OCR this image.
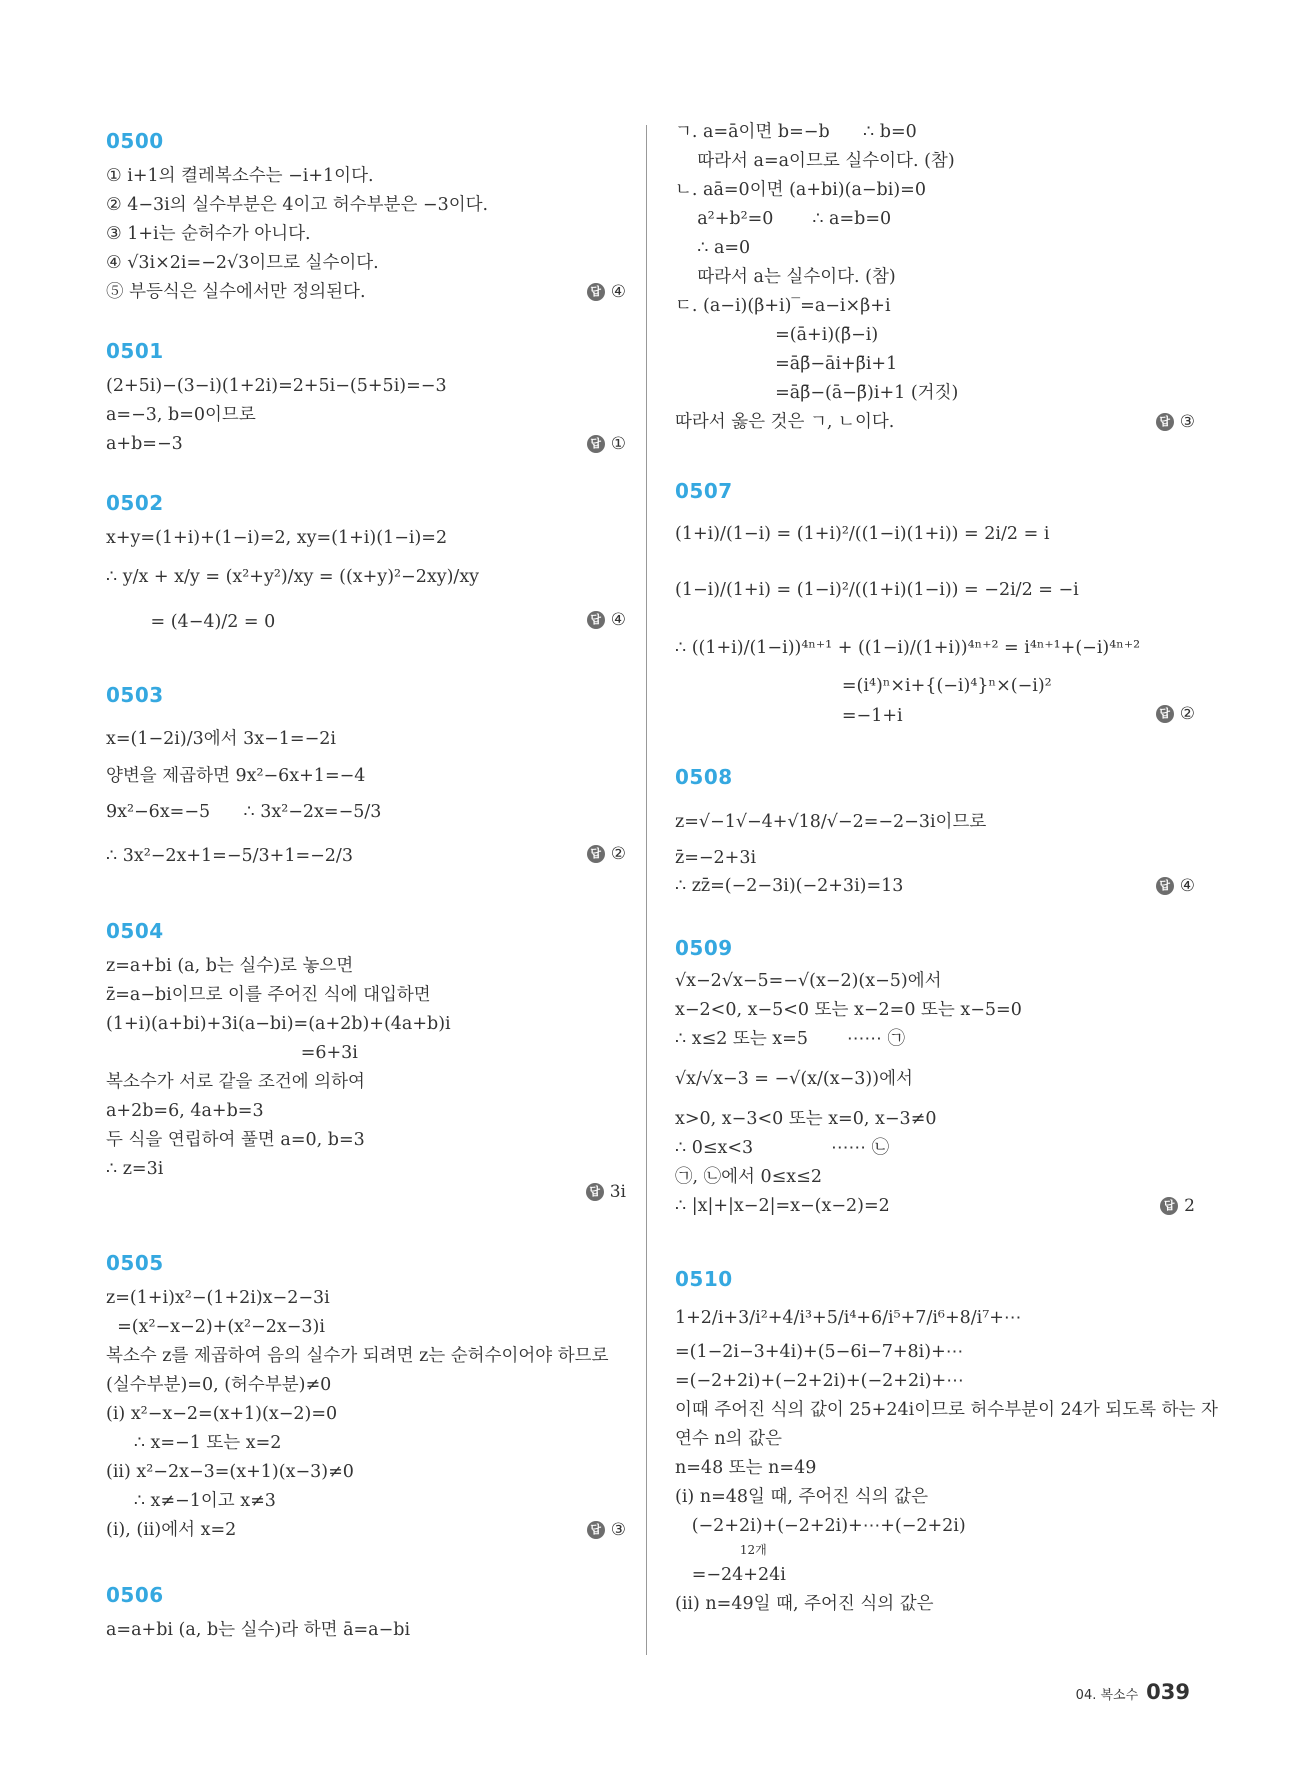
0500
① i+1의 켤레복소수는 −i+1이다.
② 4−3i의 실수부분은 4이고 허수부분은 −3이다.
③ 1+i는 순허수가 아니다.
④ √3i×2i=−2√3이므로 실수이다.
⑤ 부등식은 실수에서만 정의된다.	답 ④
0501
(2+5i)−(3−i)(1+2i)=2+5i−(5+5i)=−3
a=−3, b=0이므로
a+b=−3	답 ①
0502
x+y=(1+i)+(1−i)=2, xy=(1+i)(1−i)=2
∴ y/x + x/y = (x²+y²)/xy = ((x+y)²−2xy)/xy
= (4−4)/2 = 0	답 ④
0503
x=(1−2i)/3에서 3x−1=−2i
양변을 제곱하면 9x²−6x+1=−4
9x²−6x=−5      ∴ 3x²−2x=−5/3
∴ 3x²−2x+1=−5/3+1=−2/3	답 ②
0504
z=a+bi (a, b는 실수)로 놓으면
z̄=a−bi이므로 이를 주어진 식에 대입하면
(1+i)(a+bi)+3i(a−bi)=(a+2b)+(4a+b)i
=6+3i
복소수가 서로 같을 조건에 의하여
a+2b=6, 4a+b=3
두 식을 연립하여 풀면 a=0, b=3
∴ z=3i
답 3i
0505
z=(1+i)x²−(1+2i)x−2−3i
=(x²−x−2)+(x²−2x−3)i
복소수 z를 제곱하여 음의 실수가 되려면 z는 순허수이어야 하므로
(실수부분)=0, (허수부분)≠0
(i) x²−x−2=(x+1)(x−2)=0
∴ x=−1 또는 x=2
(ii) x²−2x−3=(x+1)(x−3)≠0
∴ x≠−1이고 x≠3
(i), (ii)에서 x=2	답 ③
0506
a=a+bi (a, b는 실수)라 하면 ā=a−bi
ㄱ. a=ā이면 b=−b      ∴ b=0
따라서 a=a이므로 실수이다. (참)
ㄴ. aā=0이면 (a+bi)(a−bi)=0
a²+b²=0       ∴ a=b=0
∴ a=0
따라서 a는 실수이다. (참)
ㄷ. (a−i)(β+i)‾=a−i×β+i
=(ā+i)(β̄−i)
=āβ̄−āi+β̄i+1
=āβ̄−(ā−β̄)i+1 (거짓)
따라서 옳은 것은 ㄱ, ㄴ이다.	답 ③
0507
(1+i)/(1−i) = (1+i)²/((1−i)(1+i)) = 2i/2 = i
(1−i)/(1+i) = (1−i)²/((1+i)(1−i)) = −2i/2 = −i
∴ ((1+i)/(1−i))⁴ⁿ⁺¹ + ((1−i)/(1+i))⁴ⁿ⁺² = i⁴ⁿ⁺¹+(−i)⁴ⁿ⁺²
=(i⁴)ⁿ×i+{(−i)⁴}ⁿ×(−i)²
=−1+i	답 ②
0508
z=√−1√−4+√18/√−2=−2−3i이므로
z̄=−2+3i
∴ zz̄=(−2−3i)(−2+3i)=13	답 ④
0509
√x−2√x−5=−√(x−2)(x−5)에서
x−2<0, x−5<0 또는 x−2=0 또는 x−5=0
∴ x≤2 또는 x=5       ⋯⋯ ㉠
√x/√x−3 = −√(x/(x−3))에서
x>0, x−3<0 또는 x=0, x−3≠0
∴ 0≤x<3              ⋯⋯ ㉡
㉠, ㉡에서 0≤x≤2
∴ |x|+|x−2|=x−(x−2)=2	답 2
0510
1+2/i+3/i²+4/i³+5/i⁴+6/i⁵+7/i⁶+8/i⁷+⋯
=(1−2i−3+4i)+(5−6i−7+8i)+⋯
=(−2+2i)+(−2+2i)+(−2+2i)+⋯
이때 주어진 식의 값이 25+24i이므로 허수부분이 24가 되도록 하는 자
연수 n의 값은
n=48 또는 n=49
(i) n=48일 때, 주어진 식의 값은
(−2+2i)+(−2+2i)+⋯+(−2+2i)
12개
=−24+24i
(ii) n=49일 때, 주어진 식의 값은
04. 복소수 039
